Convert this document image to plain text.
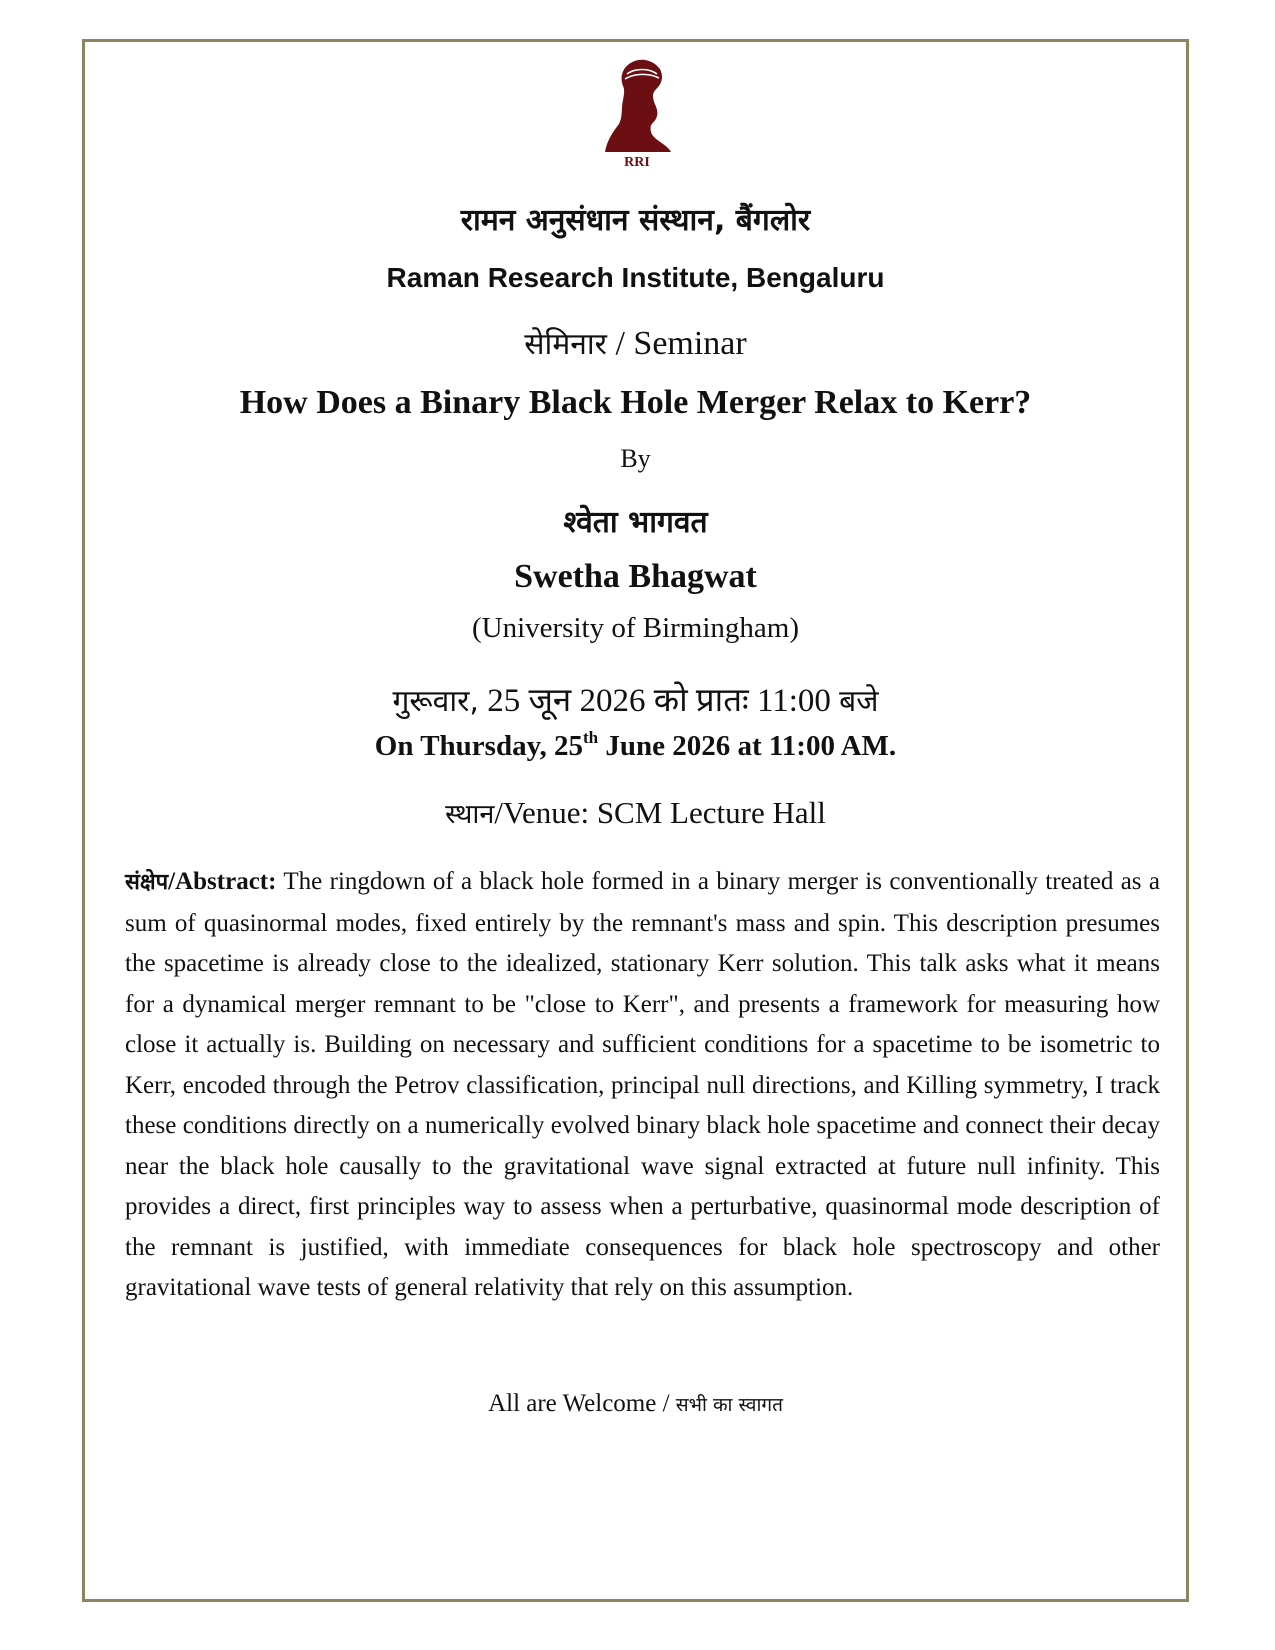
RRI
रामन अनुसंधान संस्थान, बैंगलोर
Raman Research Institute, Bengaluru
सेमिनार / Seminar
How Does a Binary Black Hole Merger Relax to Kerr?
By
श्वेता भागवत
Swetha Bhagwat
(University of Birmingham)
गुरूवार, 25 जून 2026 को प्रातः 11:00 बजे
On Thursday, 25th June 2026 at 11:00 AM.
स्थान/Venue: SCM Lecture Hall
संक्षेप/Abstract: The ringdown of a black hole formed in a binary merger is conventionally treated as a sum of quasinormal modes, fixed entirely by the remnant's mass and spin. This description presumes the spacetime is already close to the idealized, stationary Kerr solution. This talk asks what it means for a dynamical merger remnant to be "close to Kerr", and presents a framework for measuring how close it actually is. Building on necessary and sufficient conditions for a spacetime to be isometric to Kerr, encoded through the Petrov classification, principal null directions, and Killing symmetry, I track these conditions directly on a numerically evolved binary black hole spacetime and connect their decay near the black hole causally to the gravitational wave signal extracted at future null infinity. This provides a direct, first principles way to assess when a perturbative, quasinormal mode description of the remnant is justified, with immediate consequences for black hole spectroscopy and other gravitational wave tests of general relativity that rely on this assumption.
All are Welcome / सभी का स्वागत
